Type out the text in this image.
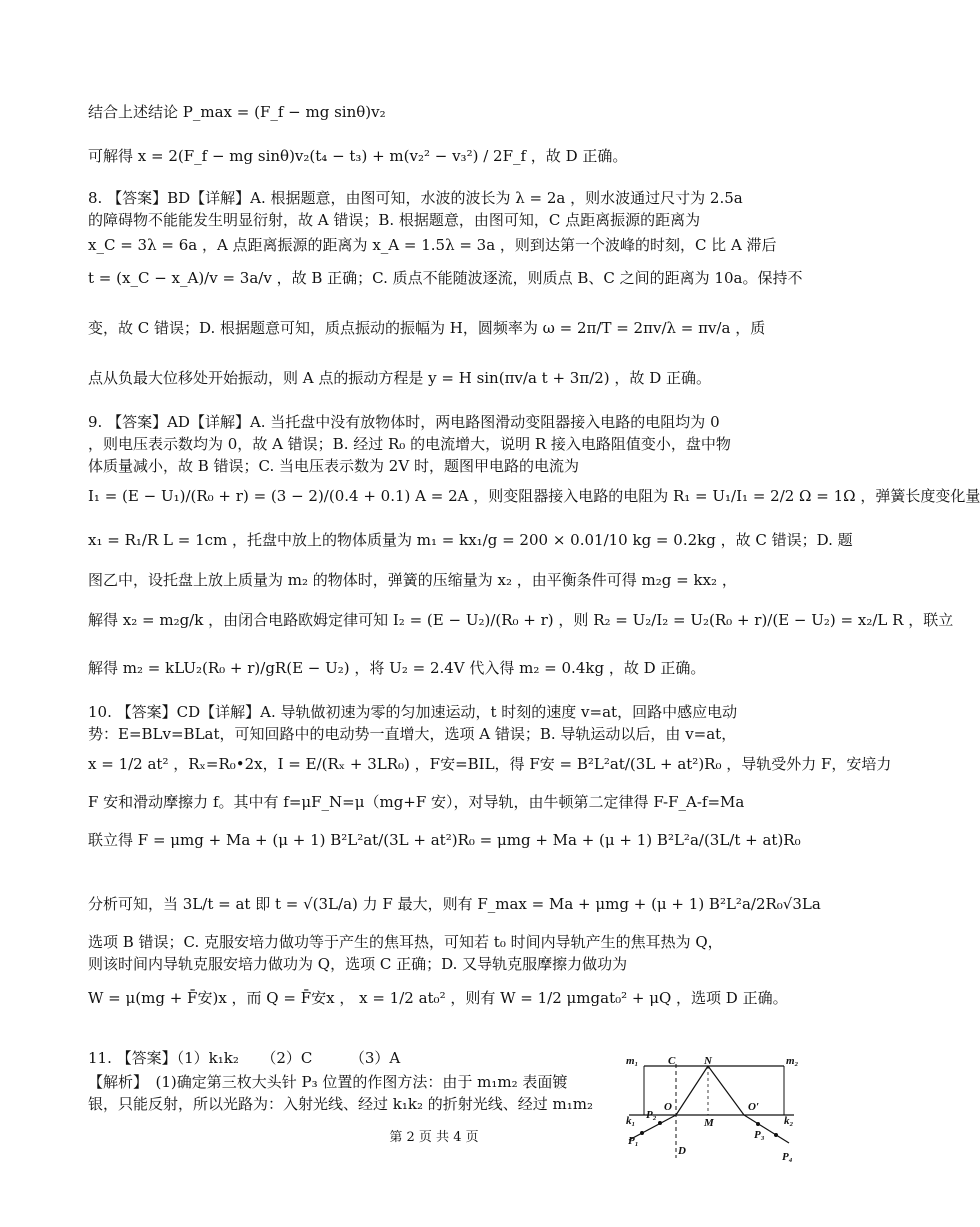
结合上述结论 P_max = (F_f − mg sinθ)v₂
可解得 x = 2(F_f − mg sinθ)v₂(t₄ − t₃) + m(v₂² − v₃²) / 2F_f ，故 D 正确。
8. 【答案】BD【详解】A. 根据题意，由图可知，水波的波长为 λ = 2a ，则水波通过尺寸为 2.5a
的障碍物不能能发生明显衍射，故 A 错误；B. 根据题意，由图可知，C 点距离振源的距离为
x_C = 3λ = 6a ，A 点距离振源的距离为 x_A = 1.5λ = 3a ，则到达第一个波峰的时刻，C 比 A 滞后
t = (x_C − x_A)/v = 3a/v ，故 B 正确；C. 质点不能随波逐流，则质点 B、C 之间的距离为 10a。保持不
变，故 C 错误；D. 根据题意可知，质点振动的振幅为 H，圆频率为 ω = 2π/T = 2πv/λ = πv/a ，质
点从负最大位移处开始振动，则 A 点的振动方程是 y = H sin(πv/a t + 3π/2) ，故 D 正确。
9. 【答案】AD【详解】A. 当托盘中没有放物体时，两电路图滑动变阻器接入电路的电阻均为 0
，则电压表示数均为 0，故 A 错误；B. 经过 R₀ 的电流增大，说明 R 接入电路阻值变小，盘中物
体质量减小，故 B 错误；C. 当电压表示数为 2V 时，题图甲电路的电流为
I₁ = (E − U₁)/(R₀ + r) = (3 − 2)/(0.4 + 0.1) A = 2A ，则变阻器接入电路的电阻为 R₁ = U₁/I₁ = 2/2 Ω = 1Ω ，弹簧长度变化量
x₁ = R₁/R L = 1cm ，托盘中放上的物体质量为 m₁ = kx₁/g = 200 × 0.01/10 kg = 0.2kg ，故 C 错误；D. 题
图乙中，设托盘上放上质量为 m₂ 的物体时，弹簧的压缩量为 x₂ ，由平衡条件可得 m₂g = kx₂ ，
解得 x₂ = m₂g/k ，由闭合电路欧姆定律可知 I₂ = (E − U₂)/(R₀ + r) ，则 R₂ = U₂/I₂ = U₂(R₀ + r)/(E − U₂) = x₂/L R ，联立
解得 m₂ = kLU₂(R₀ + r)/gR(E − U₂) ，将 U₂ = 2.4V 代入得 m₂ = 0.4kg ，故 D 正确。
10. 【答案】CD【详解】A. 导轨做初速为零的匀加速运动，t 时刻的速度 v=at，回路中感应电动
势：E=BLv=BLat，可知回路中的电动势一直增大，选项 A 错误；B. 导轨运动以后，由 v=at，
x = 1/2 at² ，Rₓ=R₀•2x，I = E/(Rₓ + 3LR₀) ，F安=BIL，得 F安 = B²L²at/(3L + at²)R₀ ，导轨受外力 F，安培力
F 安和滑动摩擦力 f。其中有 f=μF_N=μ（mg+F 安），对导轨，由牛顿第二定律得 F-F_A-f=Ma
联立得 F = μmg + Ma + (μ + 1) B²L²at/(3L + at²)R₀ = μmg + Ma + (μ + 1) B²L²a/(3L/t + at)R₀
分析可知，当 3L/t = at 即 t = √(3L/a) 力 F 最大，则有 F_max = Ma + μmg + (μ + 1) B²L²a/2R₀√3La
选项 B 错误；C. 克服安培力做功等于产生的焦耳热，可知若 t₀ 时间内导轨产生的焦耳热为 Q，
则该时间内导轨克服安培力做功为 Q，选项 C 正确；D. 又导轨克服摩擦力做功为
W = μ(mg + F̄安)x ，而 Q = F̄安x ， x = 1/2 at₀² ，则有 W = 1/2 μmgat₀² + μQ ，选项 D 正确。
11. 【答案】（1）k₁k₂　　（2）C　　　（3）A
【解析】　(1)确定第三枚大头针 P₃ 位置的作图方法：由于 m₁m₂ 表面镀
银，只能反射，所以光路为：入射光线、经过 k₁k₂ 的折射光线、经过 m₁m₂
m₁	C	N	m₂
O	O′
k₁ P₂
M	k₂
P₁	P₃
D	P₄
第 2 页 共 4 页
